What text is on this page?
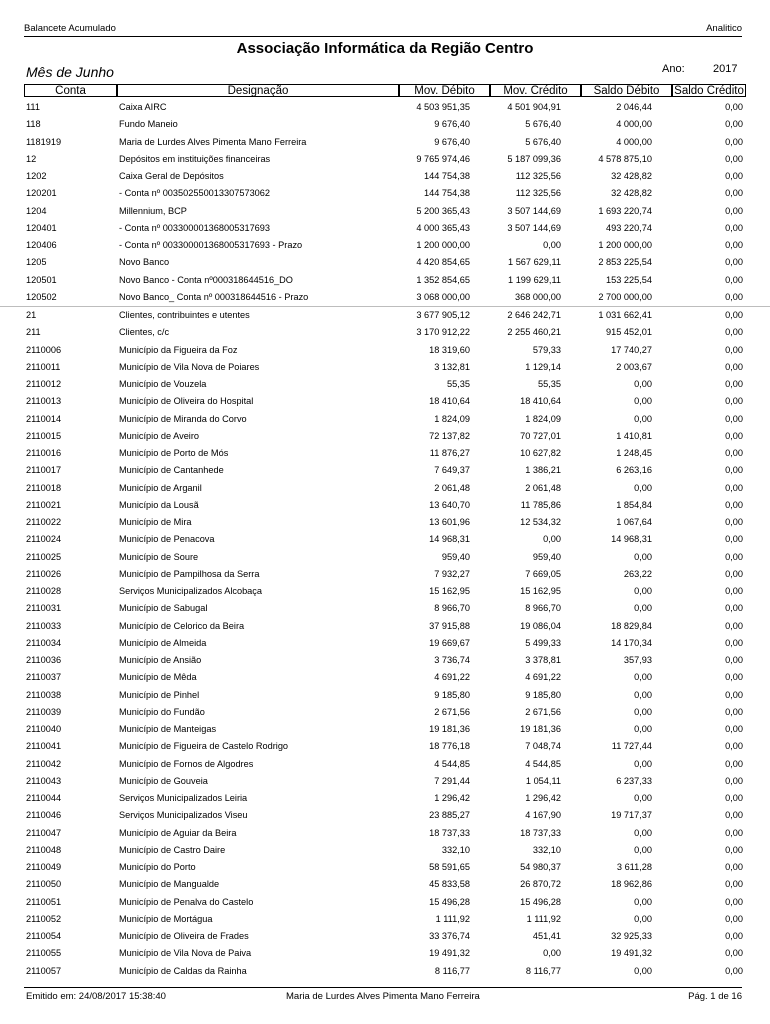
Balancete Acumulado	Analitico
Associação Informática da Região Centro
Mês de Junho	Ano:	2017
Conta	Designação	Mov. Débito	Mov. Crédito	Saldo Débito	Saldo Crédito
111	Caixa AIRC	4 503 951,35	4 501 904,91	2 046,44	0,00
118	Fundo Maneio	9 676,40	5 676,40	4 000,00	0,00
1181919	Maria de Lurdes Alves Pimenta Mano Ferreira	9 676,40	5 676,40	4 000,00	0,00
12	Depósitos em instituições financeiras	9 765 974,46	5 187 099,36	4 578 875,10	0,00
1202	Caixa Geral de Depósitos	144 754,38	112 325,56	32 428,82	0,00
120201	- Conta nº 00350255001330757306​2	144 754,38	112 325,56	32 428,82	0,00
1204	Millennium, BCP	5 200 365,43	3 507 144,69	1 693 220,74	0,00
120401	- Conta nº 0033000013680053176​93	4 000 365,43	3 507 144,69	493 220,74	0,00
120406	- Conta nº 0033000013680053176​93 - Prazo	1 200 000,00	0,00	1 200 000,00	0,00
1205	Novo Banco	4 420 854,65	1 567 629,11	2 853 225,54	0,00
120501	Novo Banco - Conta nº000318644516_DO	1 352 854,65	1 199 629,11	153 225,54	0,00
120502	Novo Banco_ Conta nº 000318644516 - Prazo	3 068 000,00	368 000,00	2 700 000,00	0,00
21	Clientes, contribuintes e utentes	3 677 905,12	2 646 242,71	1 031 662,41	0,00
211	Clientes, c/c	3 170 912,22	2 255 460,21	915 452,01	0,00
2110006	Município da Figueira da Foz	18 319,60	579,33	17 740,27	0,00
2110011	Município de Vila Nova de Poiares	3 132,81	1 129,14	2 003,67	0,00
2110012	Município de Vouzela	55,35	55,35	0,00	0,00
2110013	Município de Oliveira do Hospital	18 410,64	18 410,64	0,00	0,00
2110014	Município de Miranda do Corvo	1 824,09	1 824,09	0,00	0,00
2110015	Município de Aveiro	72 137,82	70 727,01	1 410,81	0,00
2110016	Município de Porto de Mós	11 876,27	10 627,82	1 248,45	0,00
2110017	Município de Cantanhede	7 649,37	1 386,21	6 263,16	0,00
2110018	Município de Arganil	2 061,48	2 061,48	0,00	0,00
2110021	Município da Lousã	13 640,70	11 785,86	1 854,84	0,00
2110022	Município de Mira	13 601,96	12 534,32	1 067,64	0,00
2110024	Município de Penacova	14 968,31	0,00	14 968,31	0,00
2110025	Município de Soure	959,40	959,40	0,00	0,00
2110026	Município de Pampilhosa da Serra	7 932,27	7 669,05	263,22	0,00
2110028	Serviços Municipalizados Alcobaça	15 162,95	15 162,95	0,00	0,00
2110031	Município de Sabugal	8 966,70	8 966,70	0,00	0,00
2110033	Município de Celorico da Beira	37 915,88	19 086,04	18 829,84	0,00
2110034	Município de Almeida	19 669,67	5 499,33	14 170,34	0,00
2110036	Município de Ansião	3 736,74	3 378,81	357,93	0,00
2110037	Município de Mêda	4 691,22	4 691,22	0,00	0,00
2110038	Município de Pinhel	9 185,80	9 185,80	0,00	0,00
2110039	Município do Fundão	2 671,56	2 671,56	0,00	0,00
2110040	Município de Manteigas	19 181,36	19 181,36	0,00	0,00
2110041	Município de Figueira de Castelo Rodrigo	18 776,18	7 048,74	11 727,44	0,00
2110042	Município de Fornos de Algodres	4 544,85	4 544,85	0,00	0,00
2110043	Município de Gouveia	7 291,44	1 054,11	6 237,33	0,00
2110044	Serviços Municipalizados Leiria	1 296,42	1 296,42	0,00	0,00
2110046	Serviços Municipalizados Viseu	23 885,27	4 167,90	19 717,37	0,00
2110047	Município de Aguiar da Beira	18 737,33	18 737,33	0,00	0,00
2110048	Município de Castro Daire	332,10	332,10	0,00	0,00
2110049	Município do Porto	58 591,65	54 980,37	3 611,28	0,00
2110050	Município de Mangualde	45 833,58	26 870,72	18 962,86	0,00
2110051	Município de Penalva do Castelo	15 496,28	15 496,28	0,00	0,00
2110052	Município de Mortágua	1 111,92	1 111,92	0,00	0,00
2110054	Município de Oliveira de Frades	33 376,74	451,41	32 925,33	0,00
2110055	Município de Vila Nova de Paiva	19 491,32	0,00	19 491,32	0,00
2110057	Município de Caldas da Rainha	8 116,77	8 116,77	0,00	0,00
Emitido em: 24/08/2017 15:38:40	Maria de Lurdes Alves Pimenta Mano Ferreira	Pág. 1 de 16
